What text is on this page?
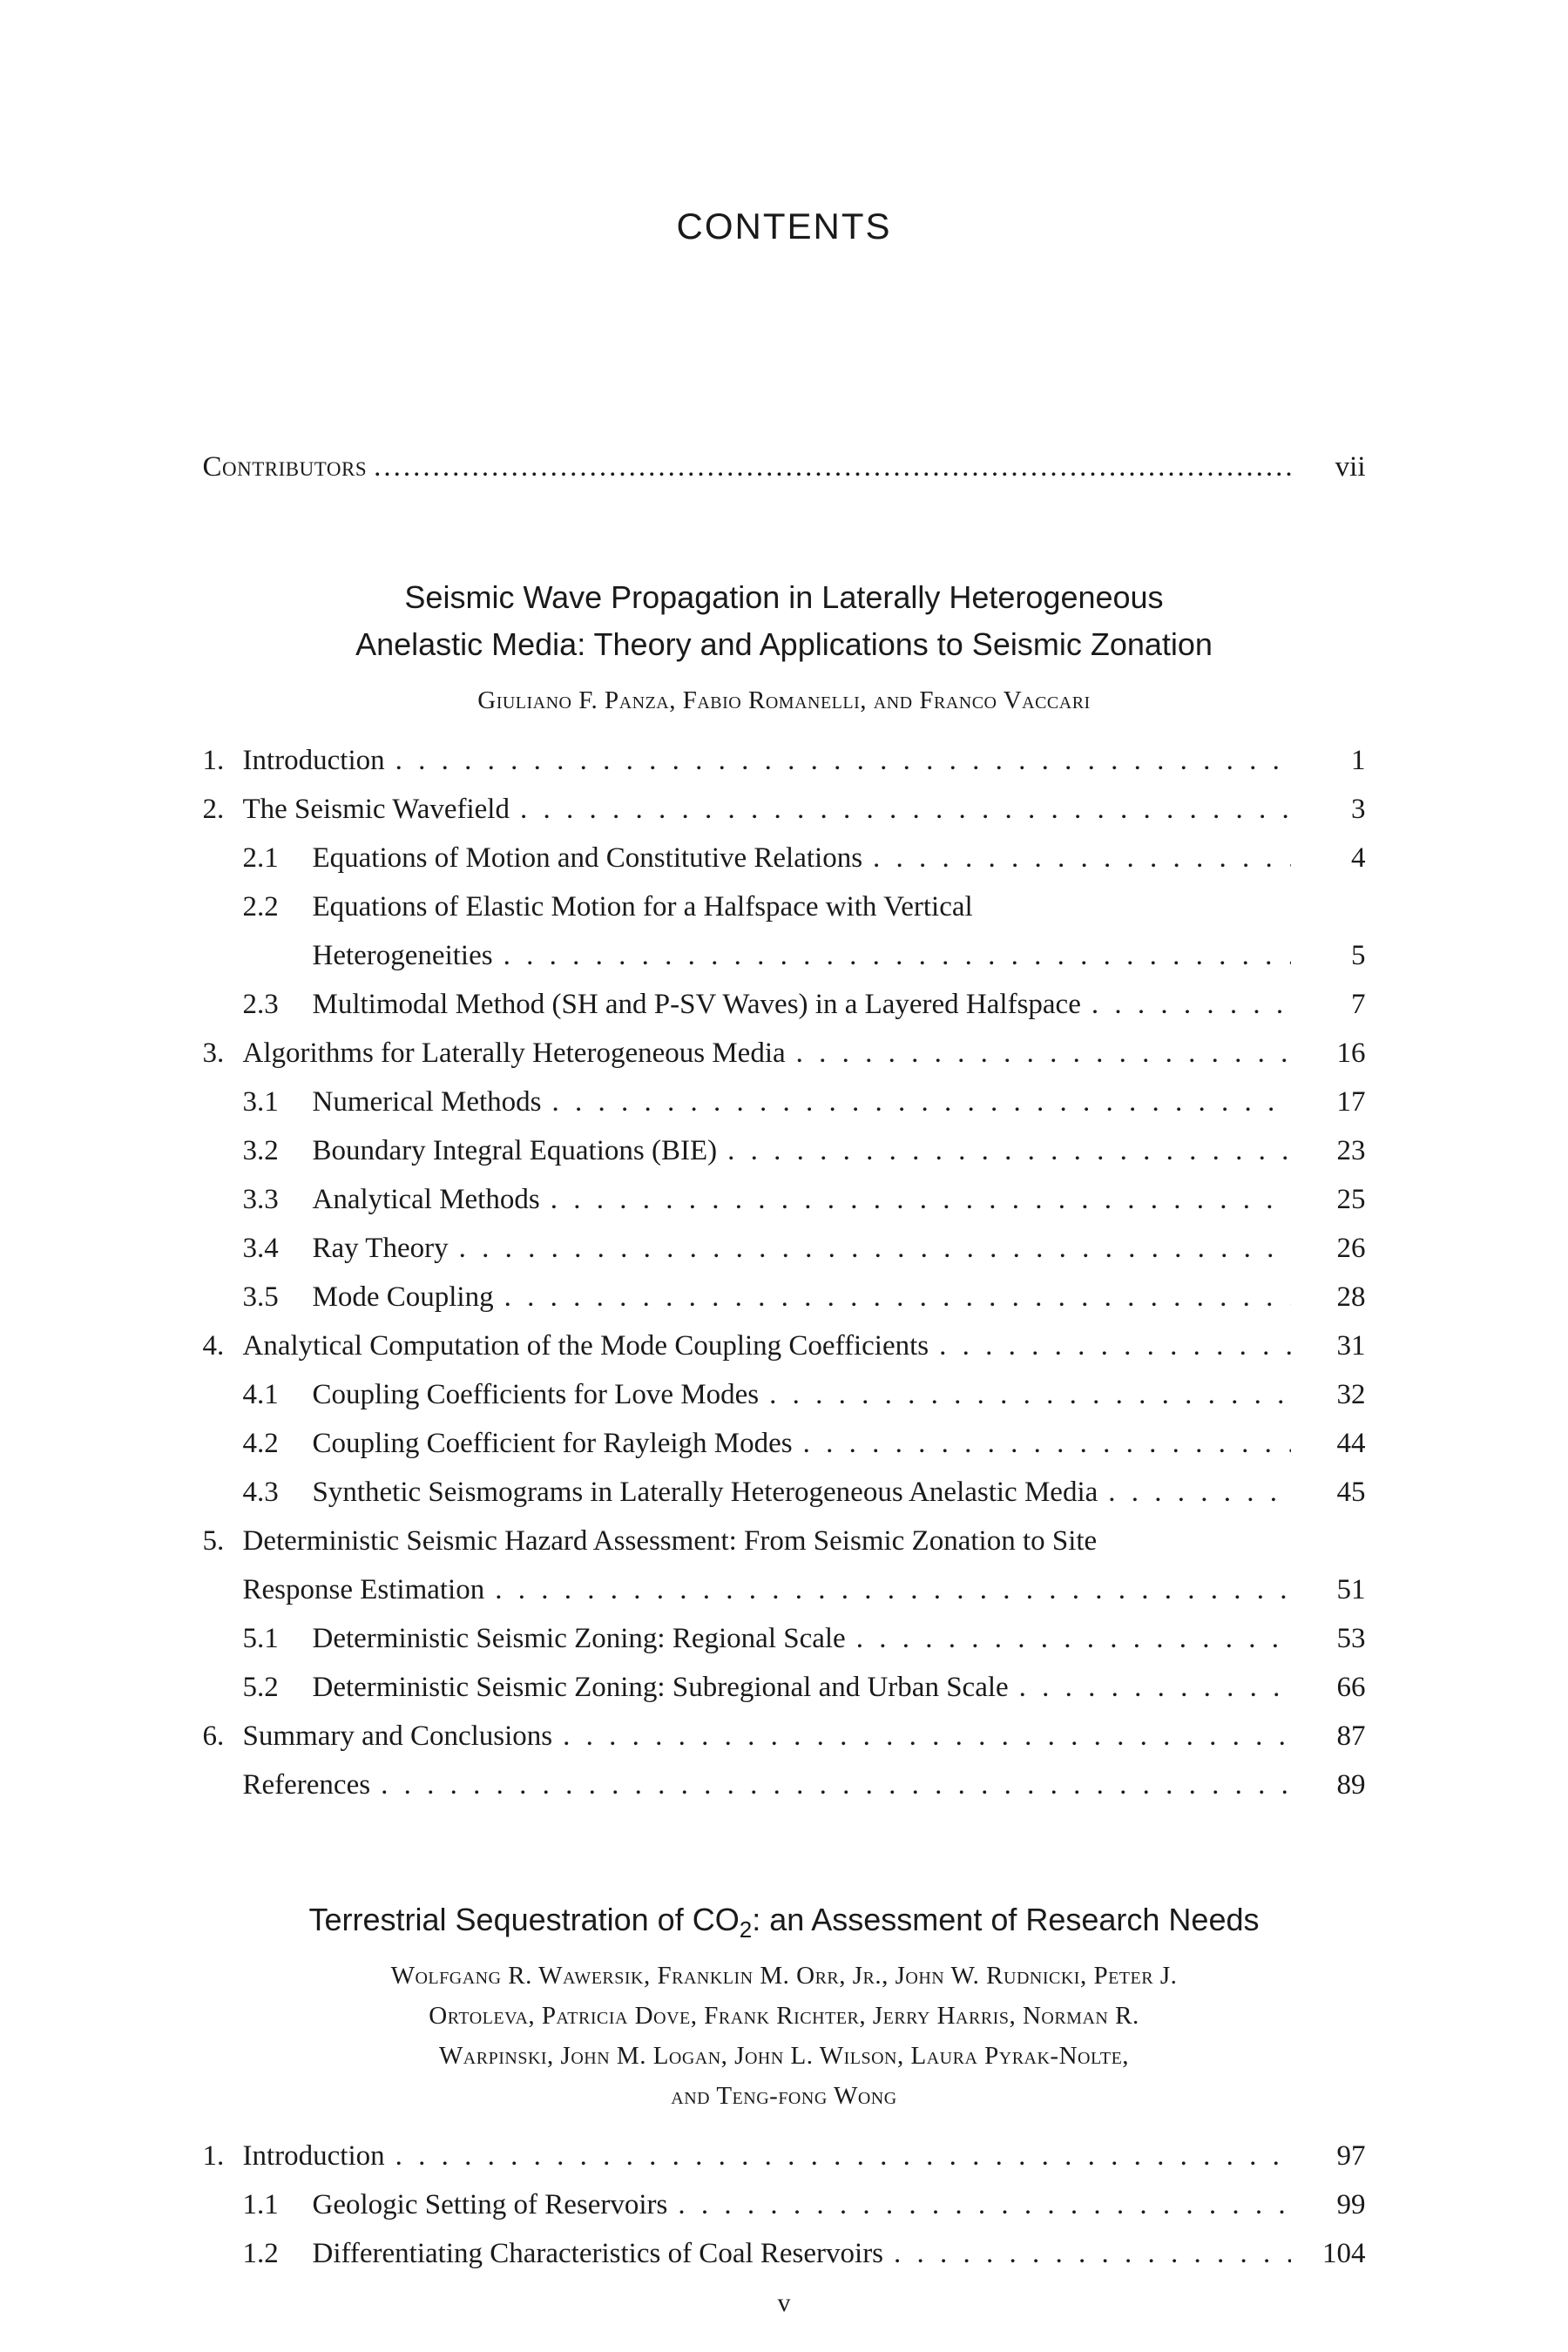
CONTENTS
Contributors .....	vii
Seismic Wave Propagation in Laterally Heterogeneous
Anelastic Media: Theory and Applications to Seismic Zonation
Giuliano F. Panza, Fabio Romanelli, and Franco Vaccari
1. Introduction . . .	1
2. The Seismic Wavefield . . .	3
2.1	Equations of Motion and Constitutive Relations . . .	4
2.2	Equations of Elastic Motion for a Halfspace with Vertical
Heterogeneities . . .	5
2.3	Multimodal Method (SH and P-SV Waves) in a Layered Halfspace . . .	7
3. Algorithms for Laterally Heterogeneous Media . . .	16
3.1	Numerical Methods . . .	17
3.2	Boundary Integral Equations (BIE) . . .	23
3.3	Analytical Methods . . .	25
3.4	Ray Theory . . .	26
3.5	Mode Coupling . . .	28
4. Analytical Computation of the Mode Coupling Coefficients . . .	31
4.1	Coupling Coefficients for Love Modes . . .	32
4.2	Coupling Coefficient for Rayleigh Modes . . .	44
4.3	Synthetic Seismograms in Laterally Heterogeneous Anelastic Media . . .	45
5. Deterministic Seismic Hazard Assessment: From Seismic Zonation to Site
Response Estimation . . .	51
5.1	Deterministic Seismic Zoning: Regional Scale . . .	53
5.2	Deterministic Seismic Zoning: Subregional and Urban Scale . . .	66
6. Summary and Conclusions . . .	87
References . . .	89
Terrestrial Sequestration of $CO_2$: an Assessment of Research Needs
Wolfgang R. Wawersik, Franklin M. Orr, Jr., John W. Rudnicki, Peter J.
Ortoleva, Patricia Dove, Frank Richter, Jerry Harris, Norman R.
Warpinski, John M. Logan, John L. Wilson, Laura Pyrak-Nolte,
and Teng-fong Wong
1. Introduction . . .	97
1.1	Geologic Setting of Reservoirs . . .	99
1.2	Differentiating Characteristics of Coal Reservoirs . . .	104
v
